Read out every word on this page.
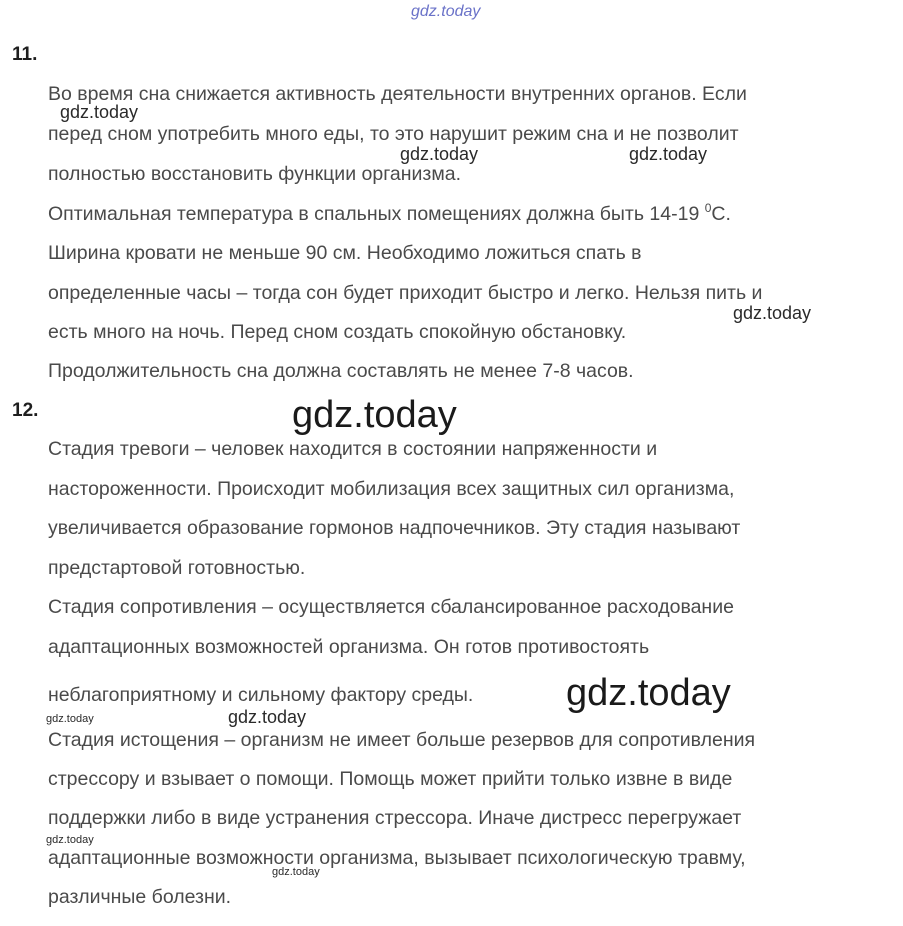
gdz.today
11.

Во время сна снижается активность деятельности внутренних органов. Если

перед сном употребить много еды, то это нарушит режим сна и не позволит

полностью восстановить функции организма.

Оптимальная температура в спальных помещениях должна быть 14-19 $^0$С.

Ширина кровати не меньше 90 см. Необходимо ложиться спать в

определенные часы – тогда сон будет приходит быстро и легко. Нельзя пить и

есть много на ночь. Перед сном создать спокойную обстановку.

Продолжительность сна должна составлять не менее 7-8 часов.

gdz.today
gdz.today	gdz.today
gdz.today
12.	gdz.today

Стадия тревоги – человек находится в состоянии напряженности и

настороженности. Происходит мобилизация всех защитных сил организма,

увеличивается образование гормонов надпочечников. Эту стадия называют

предстартовой готовностью.

Стадия сопротивления – осуществляется сбалансированное расходование

адаптационных возможностей организма. Он готов противостоять

неблагоприятному и сильному фактору среды. gdz.today
gdz.today	gdz.today

Стадия истощения – организм не имеет больше резервов для сопротивления

стрессору и взывает о помощи. Помощь может прийти только извне в виде

поддержки либо в виде устранения стрессора. Иначе дистресс перегружает

gdz.today

адаптационные возможности организма, вызывает психологическую травму,

gdz.today

различные болезни.
